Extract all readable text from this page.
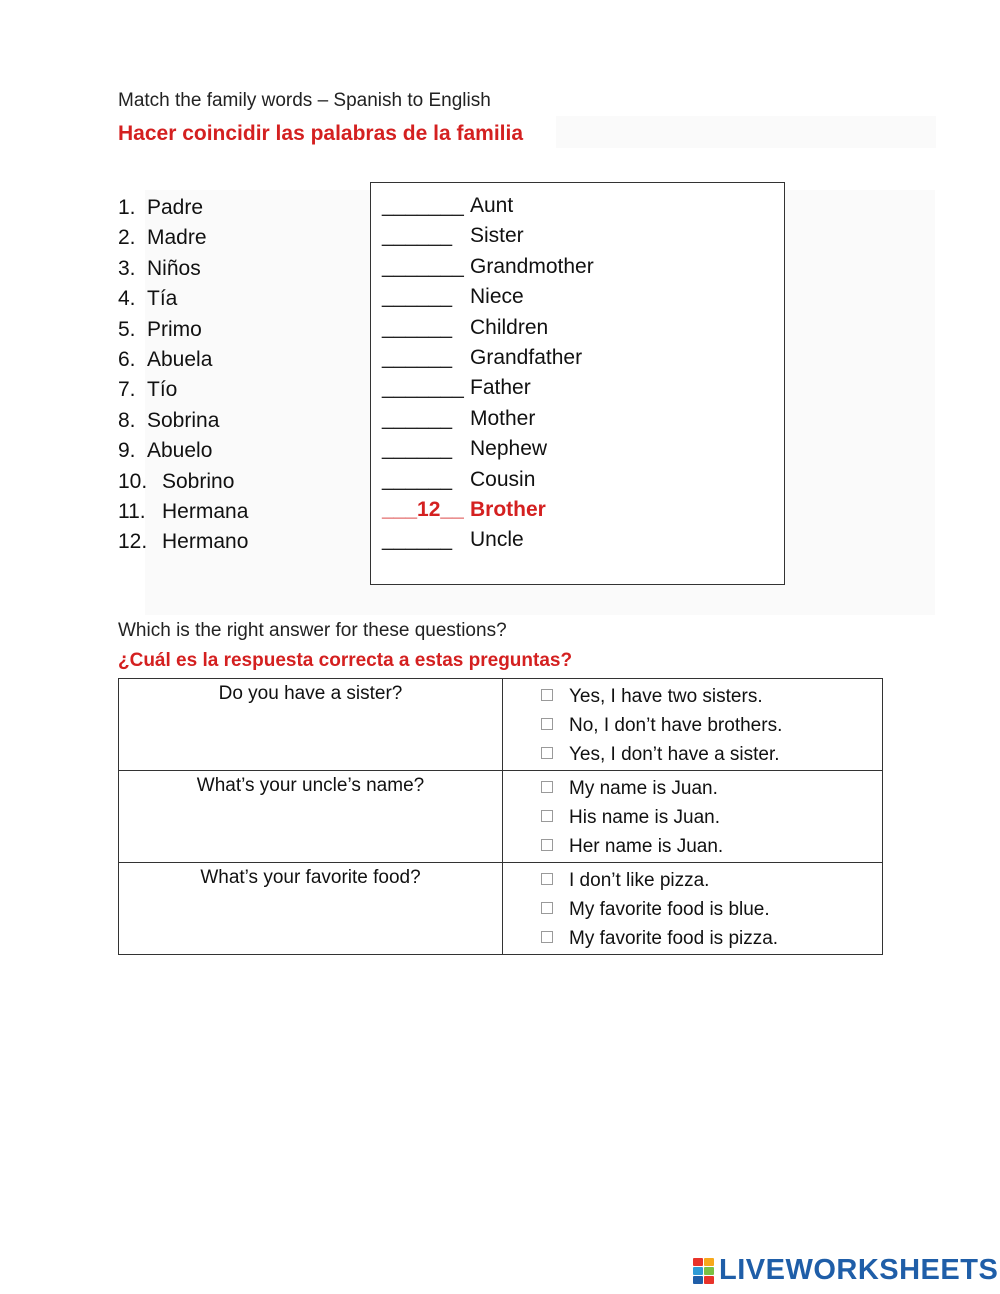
Match the family words – Spanish to English
Hacer coincidir las palabras de la familia
1. Padre
2. Madre
3. Niños
4. Tía
5. Primo
6. Abuela
7. Tío
8. Sobrina
9. Abuelo
10. Sobrino
11. Hermana
12. Hermano
_______ Aunt
______ Sister
_______ Grandmother
______ Niece
______ Children
______ Grandfather
_______ Father
______ Mother
______ Nephew
______ Cousin
___12__ Brother
______ Uncle
Which is the right answer for these questions?
¿Cuál es la respuesta correcta a estas preguntas?
Do you have a sister?	Yes, I have two sisters.
No, I don’t have brothers.
Yes, I don’t have a sister.

What’s your uncle’s name?	My name is Juan.
His name is Juan.
Her name is Juan.

What’s your favorite food?	I don’t like pizza.
My favorite food is blue.
My favorite food is pizza.
LIVEWORKSHEETS
